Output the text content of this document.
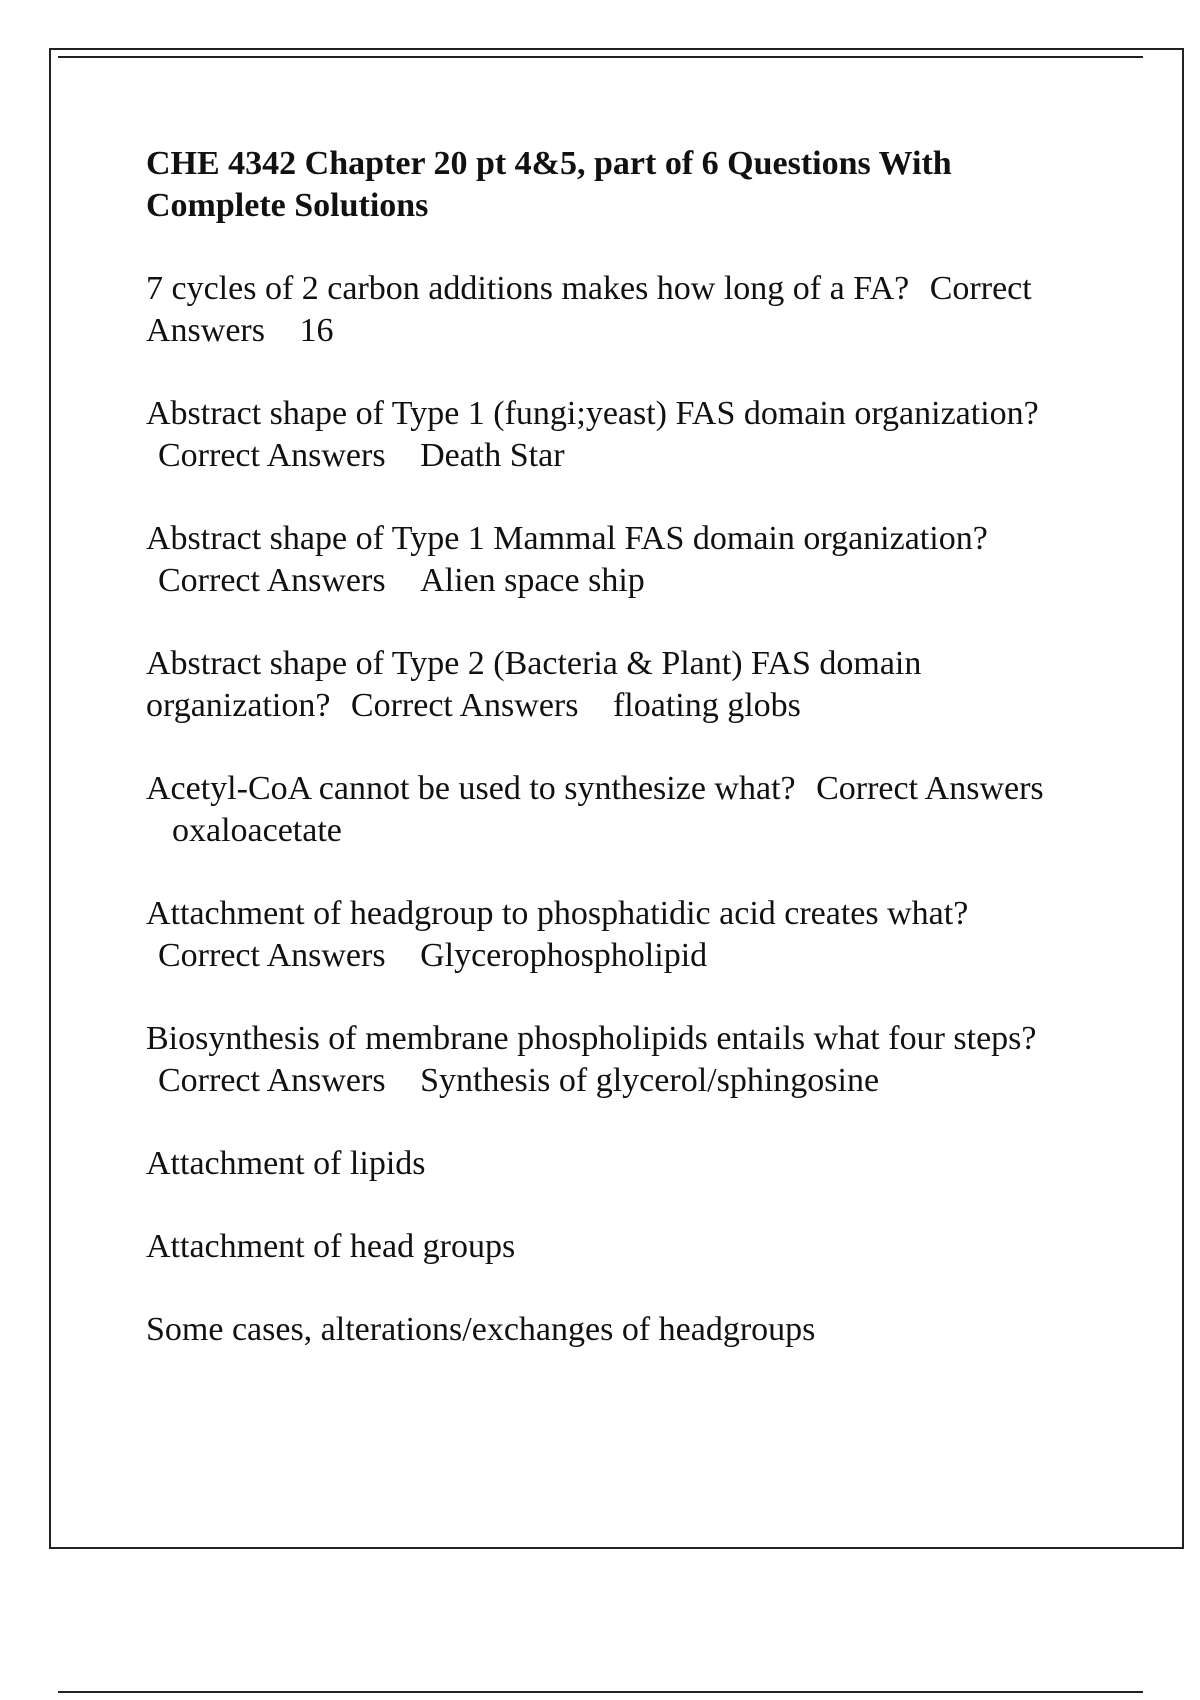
CHE 4342 Chapter 20 pt 4&5, part of 6 Questions With Complete Solutions
7 cycles of 2 carbon additions makes how long of a FA? Correct Answers 16
Abstract shape of Type 1 (fungi;yeast) FAS domain organization? Correct Answers Death Star
Abstract shape of Type 1 Mammal FAS domain organization? Correct Answers Alien space ship
Abstract shape of Type 2 (Bacteria & Plant) FAS domain organization? Correct Answers floating globs
Acetyl-CoA cannot be used to synthesize what? Correct Answers oxaloacetate
Attachment of headgroup to phosphatidic acid creates what? Correct Answers Glycerophospholipid
Biosynthesis of membrane phospholipids entails what four steps? Correct Answers Synthesis of glycerol/sphingosine
Attachment of lipids
Attachment of head groups
Some cases, alterations/exchanges of headgroups
